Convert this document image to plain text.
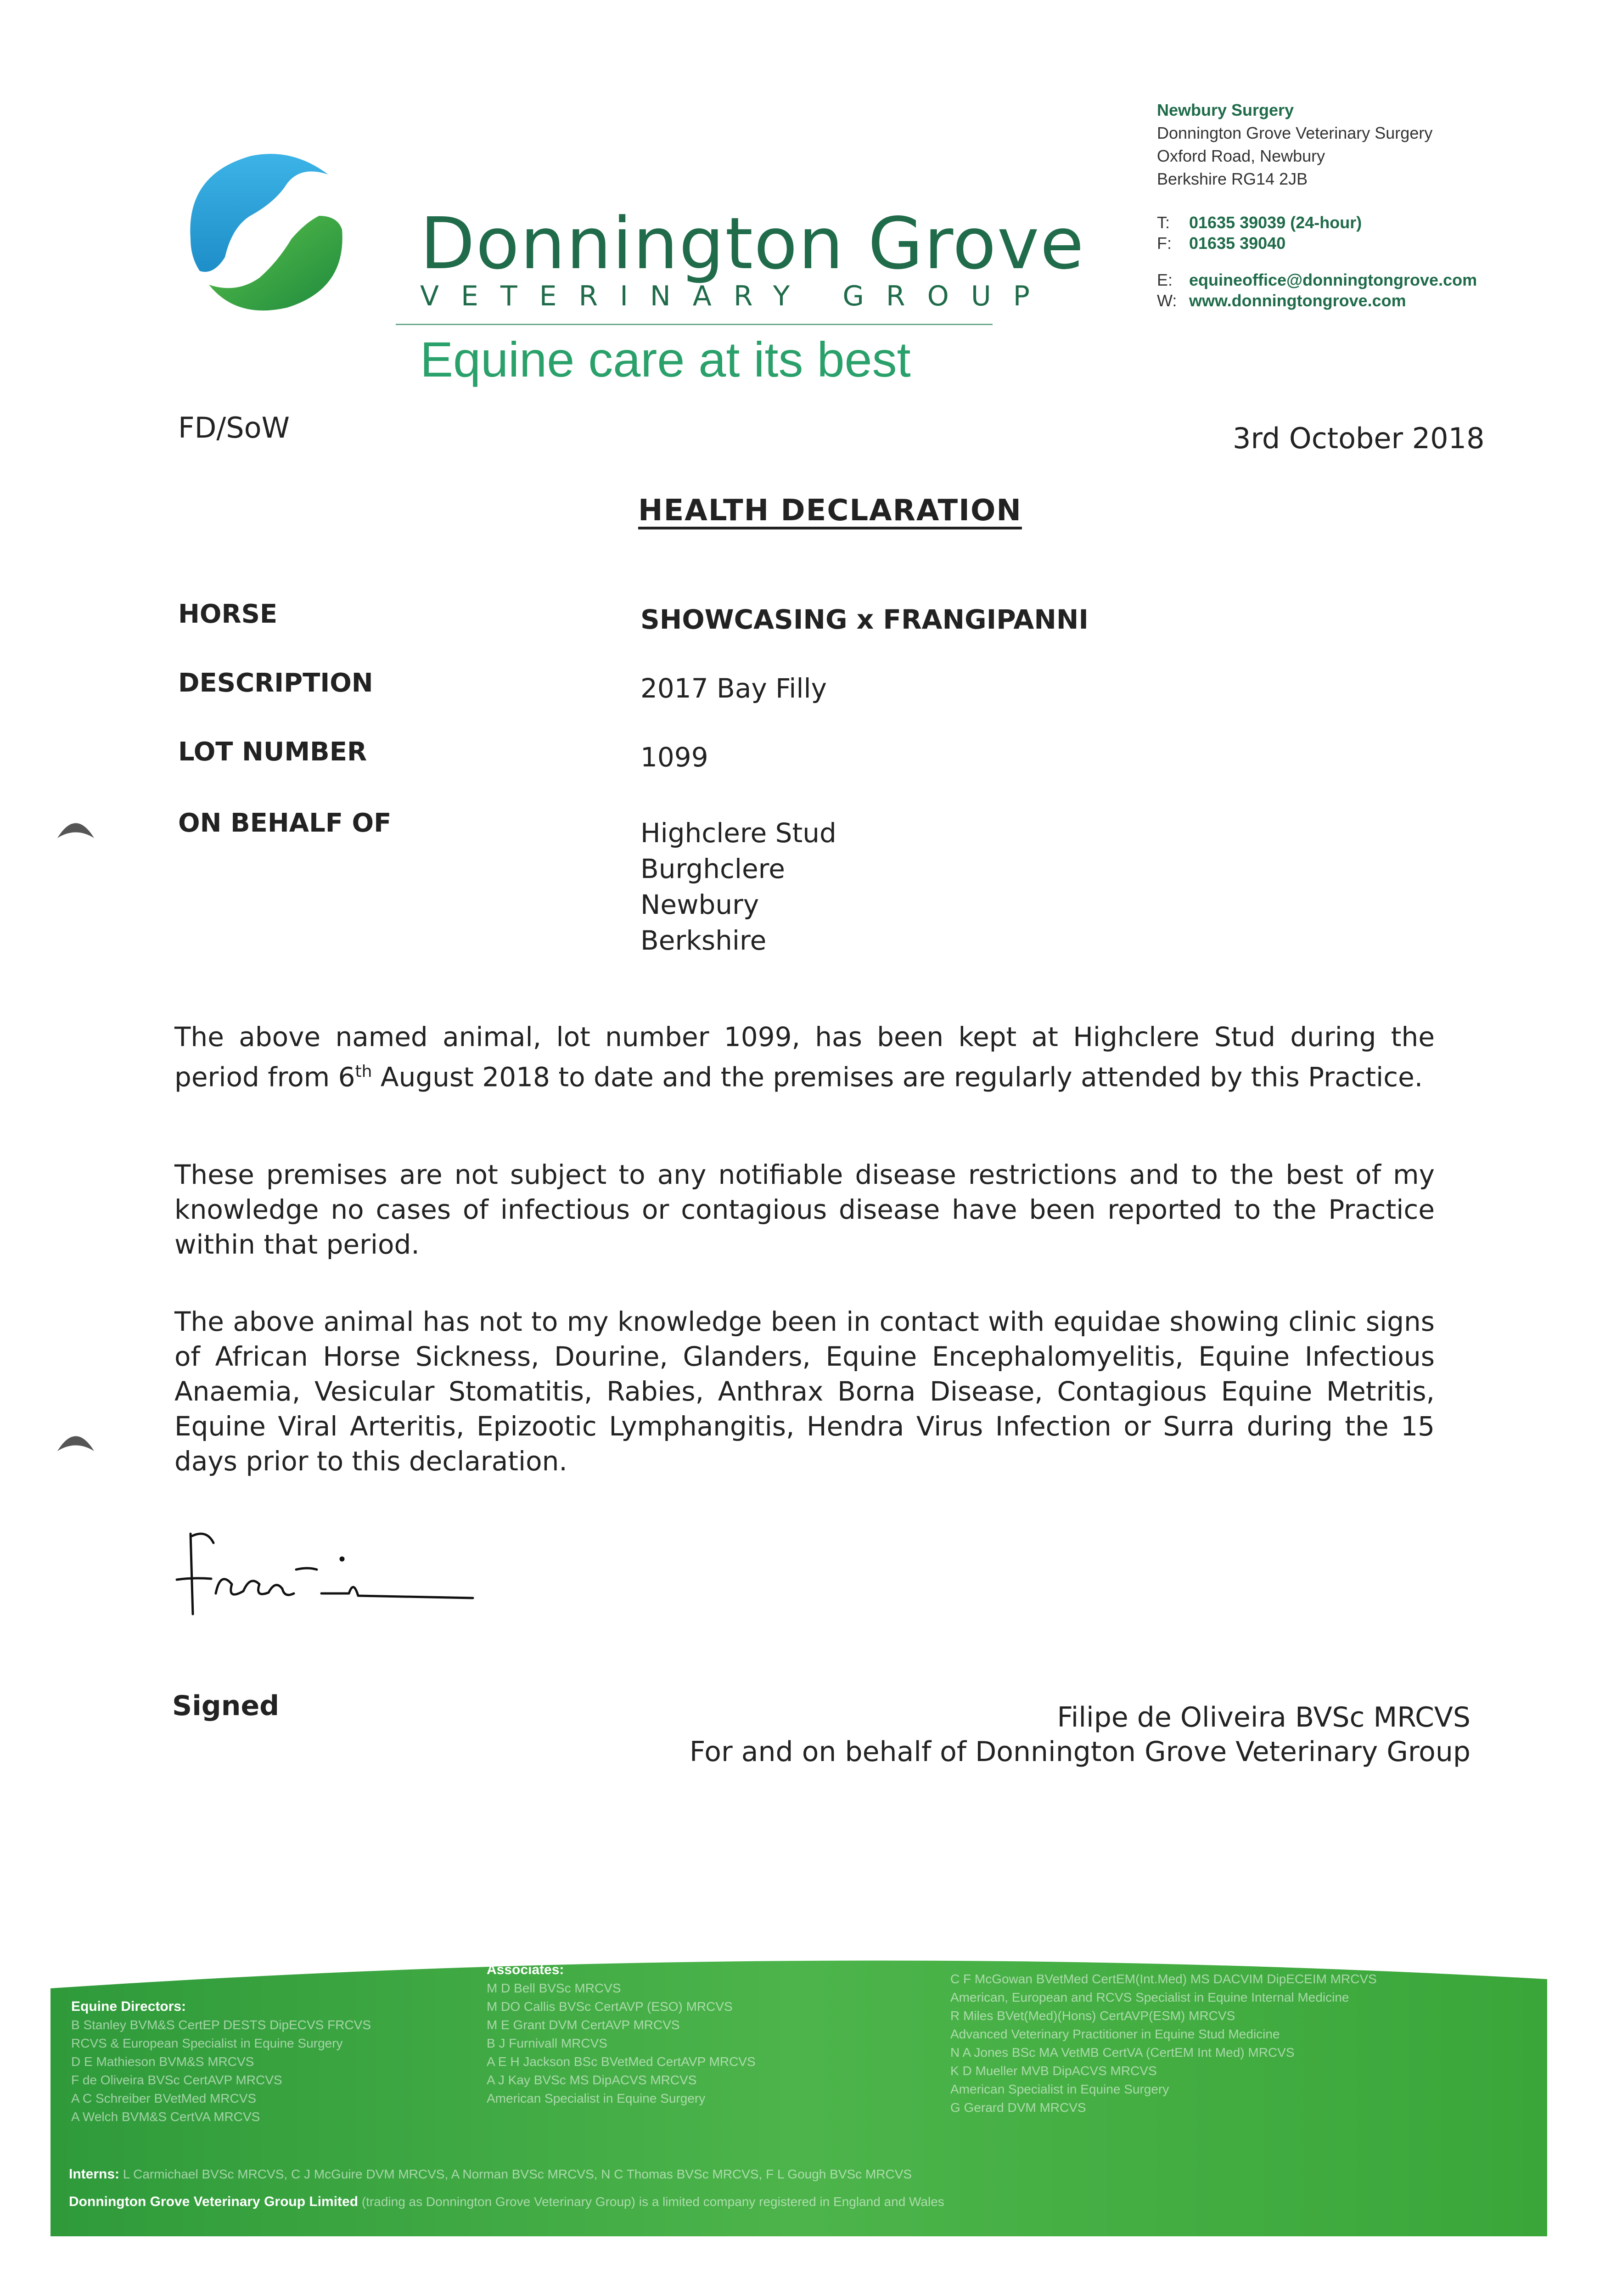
Donnington Grove
VETERINARY GROUP
Equine care at its best
Newbury Surgery
Donnington Grove Veterinary Surgery
Oxford Road, Newbury
Berkshire RG14 2JB
T: 01635 39039 (24-hour)
F: 01635 39040
E: equineoffice@donningtongrove.com
W: www.donningtongrove.com
FD/SoW	3rd October 2018
HEALTH DECLARATION
HORSE	SHOWCASING x FRANGIPANNI
DESCRIPTION	2017 Bay Filly
LOT NUMBER	1099
ON BEHALF OF	Highclere Stud
Burghclere
Newbury
Berkshire
The above named animal, lot number 1099, has been kept at Highclere Stud during the period from 6th August 2018 to date and the premises are regularly attended by this Practice.
These premises are not subject to any notifiable disease restrictions and to the best of my knowledge no cases of infectious or contagious disease have been reported to the Practice within that period.
The above animal has not to my knowledge been in contact with equidae showing clinic signs of African Horse Sickness, Dourine, Glanders, Equine Encephalomyelitis, Equine Infectious Anaemia, Vesicular Stomatitis, Rabies, Anthrax Borna Disease, Contagious Equine Metritis, Equine Viral Arteritis, Epizootic Lymphangitis, Hendra Virus Infection or Surra during the 15 days prior to this declaration.
Signed	Filipe de Oliveira BVSc MRCVS
For and on behalf of Donnington Grove Veterinary Group
Equine Directors:
B Stanley BVM&S CertEP DESTS DipECVS FRCVS
RCVS & European Specialist in Equine Surgery
D E Mathieson BVM&S MRCVS
F de Oliveira BVSc CertAVP MRCVS
A C Schreiber BVetMed MRCVS
A Welch BVM&S CertVA MRCVS
Associates:
M D Bell BVSc MRCVS
M DO Callis BVSc CertAVP (ESO) MRCVS
M E Grant DVM CertAVP MRCVS
B J Furnivall MRCVS
A E H Jackson BSc BVetMed CertAVP MRCVS
A J Kay BVSc MS DipACVS MRCVS
American Specialist in Equine Surgery
C F McGowan BVetMed CertEM(Int.Med) MS DACVIM DipECEIM MRCVS
American, European and RCVS Specialist in Equine Internal Medicine
R Miles BVet(Med)(Hons) CertAVP(ESM) MRCVS
Advanced Veterinary Practitioner in Equine Stud Medicine
N A Jones BSc MA VetMB CertVA (CertEM Int Med) MRCVS
K D Mueller MVB DipACVS MRCVS
American Specialist in Equine Surgery
G Gerard DVM MRCVS
Interns: L Carmichael BVSc MRCVS, C J McGuire DVM MRCVS, A Norman BVSc MRCVS, N C Thomas BVSc MRCVS, F L Gough BVSc MRCVS
Donnington Grove Veterinary Group Limited (trading as Donnington Grove Veterinary Group) is a limited company registered in England and Wales
